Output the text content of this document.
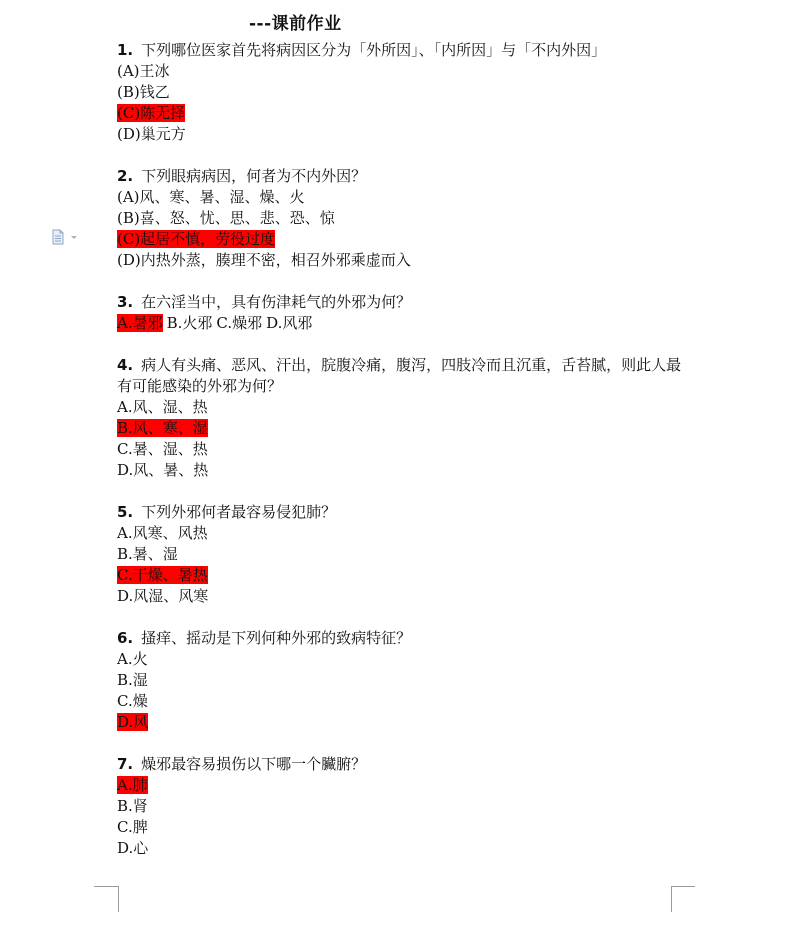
---课前作业
1. 下列哪位医家首先将病因区分为「外所因」、「内所因」与「不内外因」
(A)王冰
(B)钱乙
(C)陈无择
(D)巢元方
2. 下列眼病病因，何者为不内外因？
(A)风、寒、暑、湿、燥、火
(B)喜、怒、忧、思、悲、恐、惊
(C)起居不慎，劳役过度
(D)内热外蒸，腠理不密，相召外邪乘虚而入
3. 在六淫当中，具有伤津耗气的外邪为何？
A.暑邪 B.火邪 C.燥邪 D.风邪
4. 病人有头痛、恶风、汗出，脘腹冷痛，腹泻，四肢冷而且沉重，舌苔腻，则此人最有可能感染的外邪为何？
A.风、湿、热
B.风、寒、湿
C.暑、湿、热
D.风、暑、热
5. 下列外邪何者最容易侵犯肺？
A.风寒、风热
B.暑、湿
C.干燥、暑热
D.风湿、风寒
6. 搔痒、摇动是下列何种外邪的致病特征？
A.火
B.湿
C.燥
D.风
7. 燥邪最容易损伤以下哪一个臟腑？
A.肺
B.肾
C.脾
D.心
